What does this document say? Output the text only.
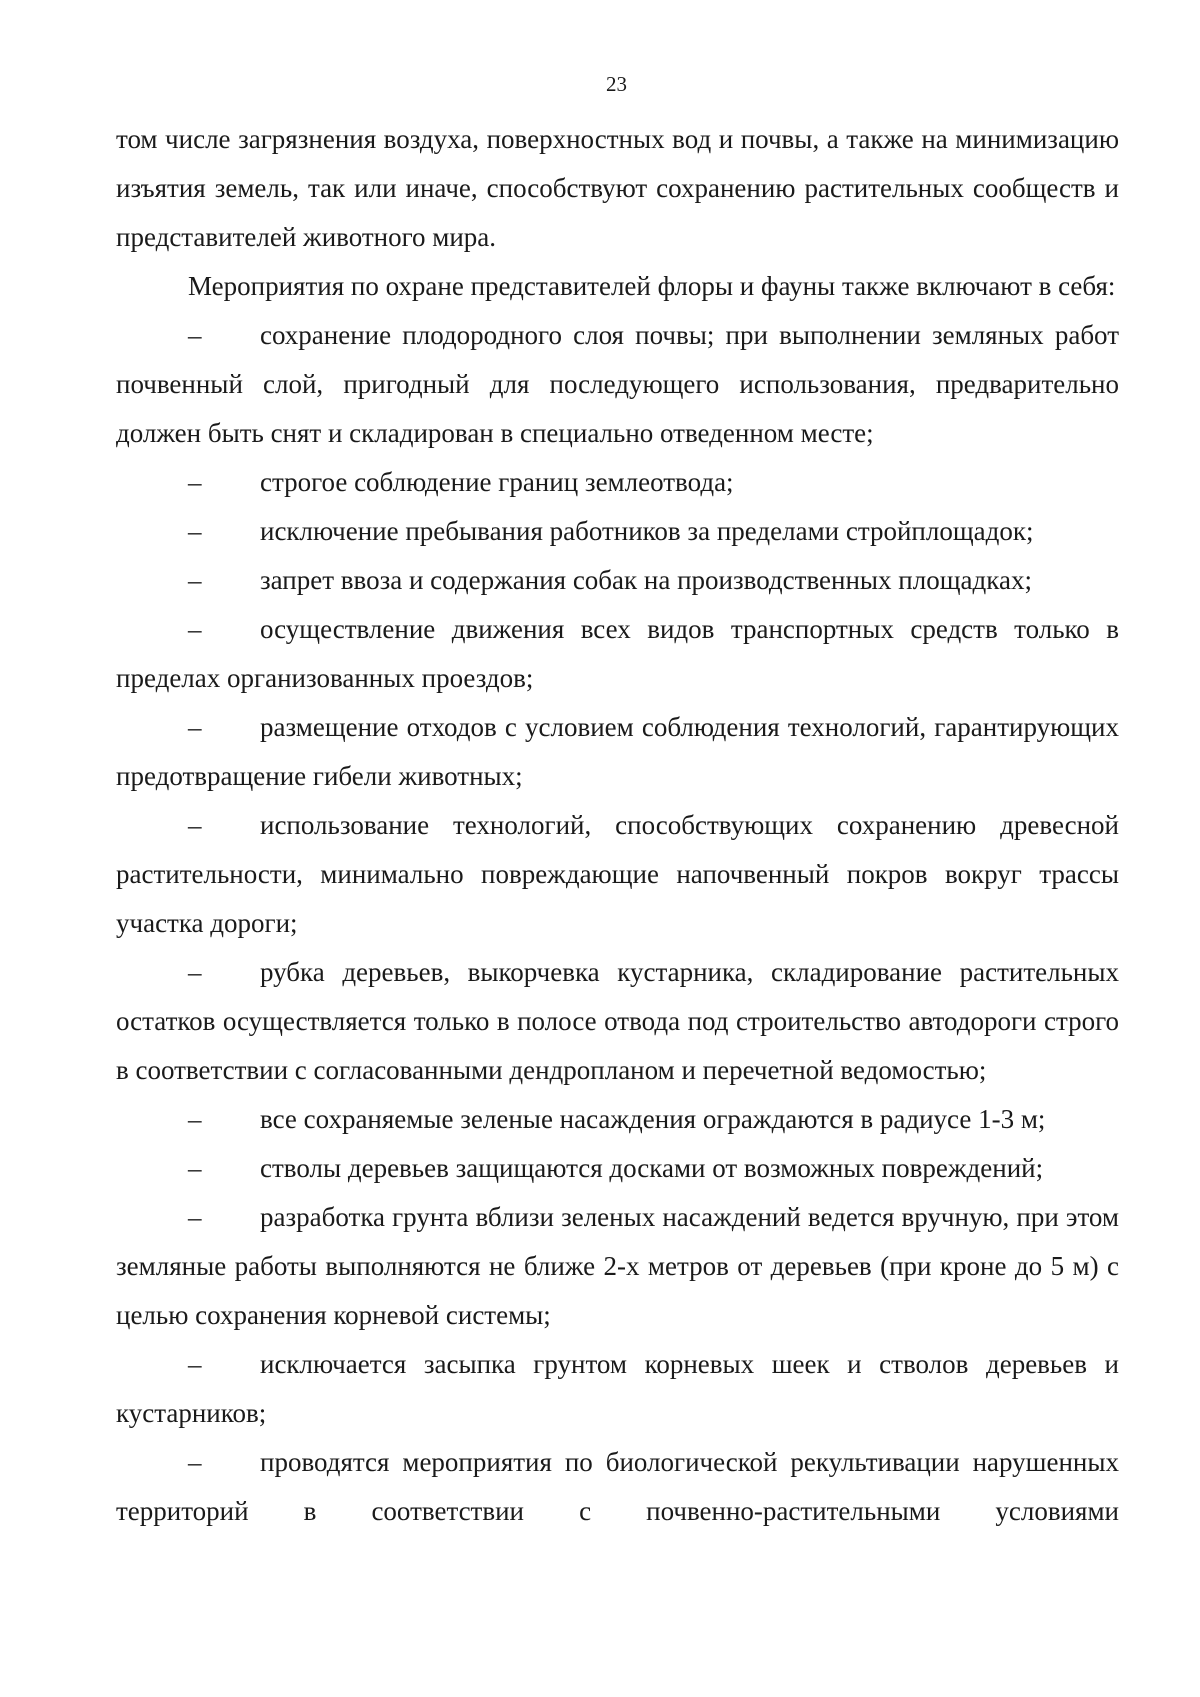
23

том числе загрязнения воздуха, поверхностных вод и почвы, а также на минимизацию изъятия земель, так или иначе, способствуют сохранению растительных сообществ и представителей животного мира.

Мероприятия по охране представителей флоры и фауны также включают в себя:

– сохранение плодородного слоя почвы; при выполнении земляных работ почвенный слой, пригодный для последующего использования, предварительно должен быть снят и складирован в специально отведенном месте;

– строгое соблюдение границ землеотвода;

– исключение пребывания работников за пределами стройплощадок;

– запрет ввоза и содержания собак на производственных площадках;

– осуществление движения всех видов транспортных средств только в пределах организованных проездов;

– размещение отходов с условием соблюдения технологий, гарантирующих предотвращение гибели животных;

– использование технологий, способствующих сохранению древесной растительности, минимально повреждающие напочвенный покров вокруг трассы участка дороги;

– рубка деревьев, выкорчевка кустарника, складирование растительных остатков осуществляется только в полосе отвода под строительство автодороги строго в соответствии с согласованными дендропланом и перечетной ведомостью;

– все сохраняемые зеленые насаждения ограждаются в радиусе 1-3 м;

– стволы деревьев защищаются досками от возможных повреждений;

– разработка грунта вблизи зеленых насаждений ведется вручную, при этом земляные работы выполняются не ближе 2-х метров от деревьев (при кроне до 5 м) с целью сохранения корневой системы;

– исключается засыпка грунтом корневых шеек и стволов деревьев и кустарников;

– проводятся мероприятия по биологической рекультивации нарушенных территорий в соответствии с почвенно-растительными условиями
